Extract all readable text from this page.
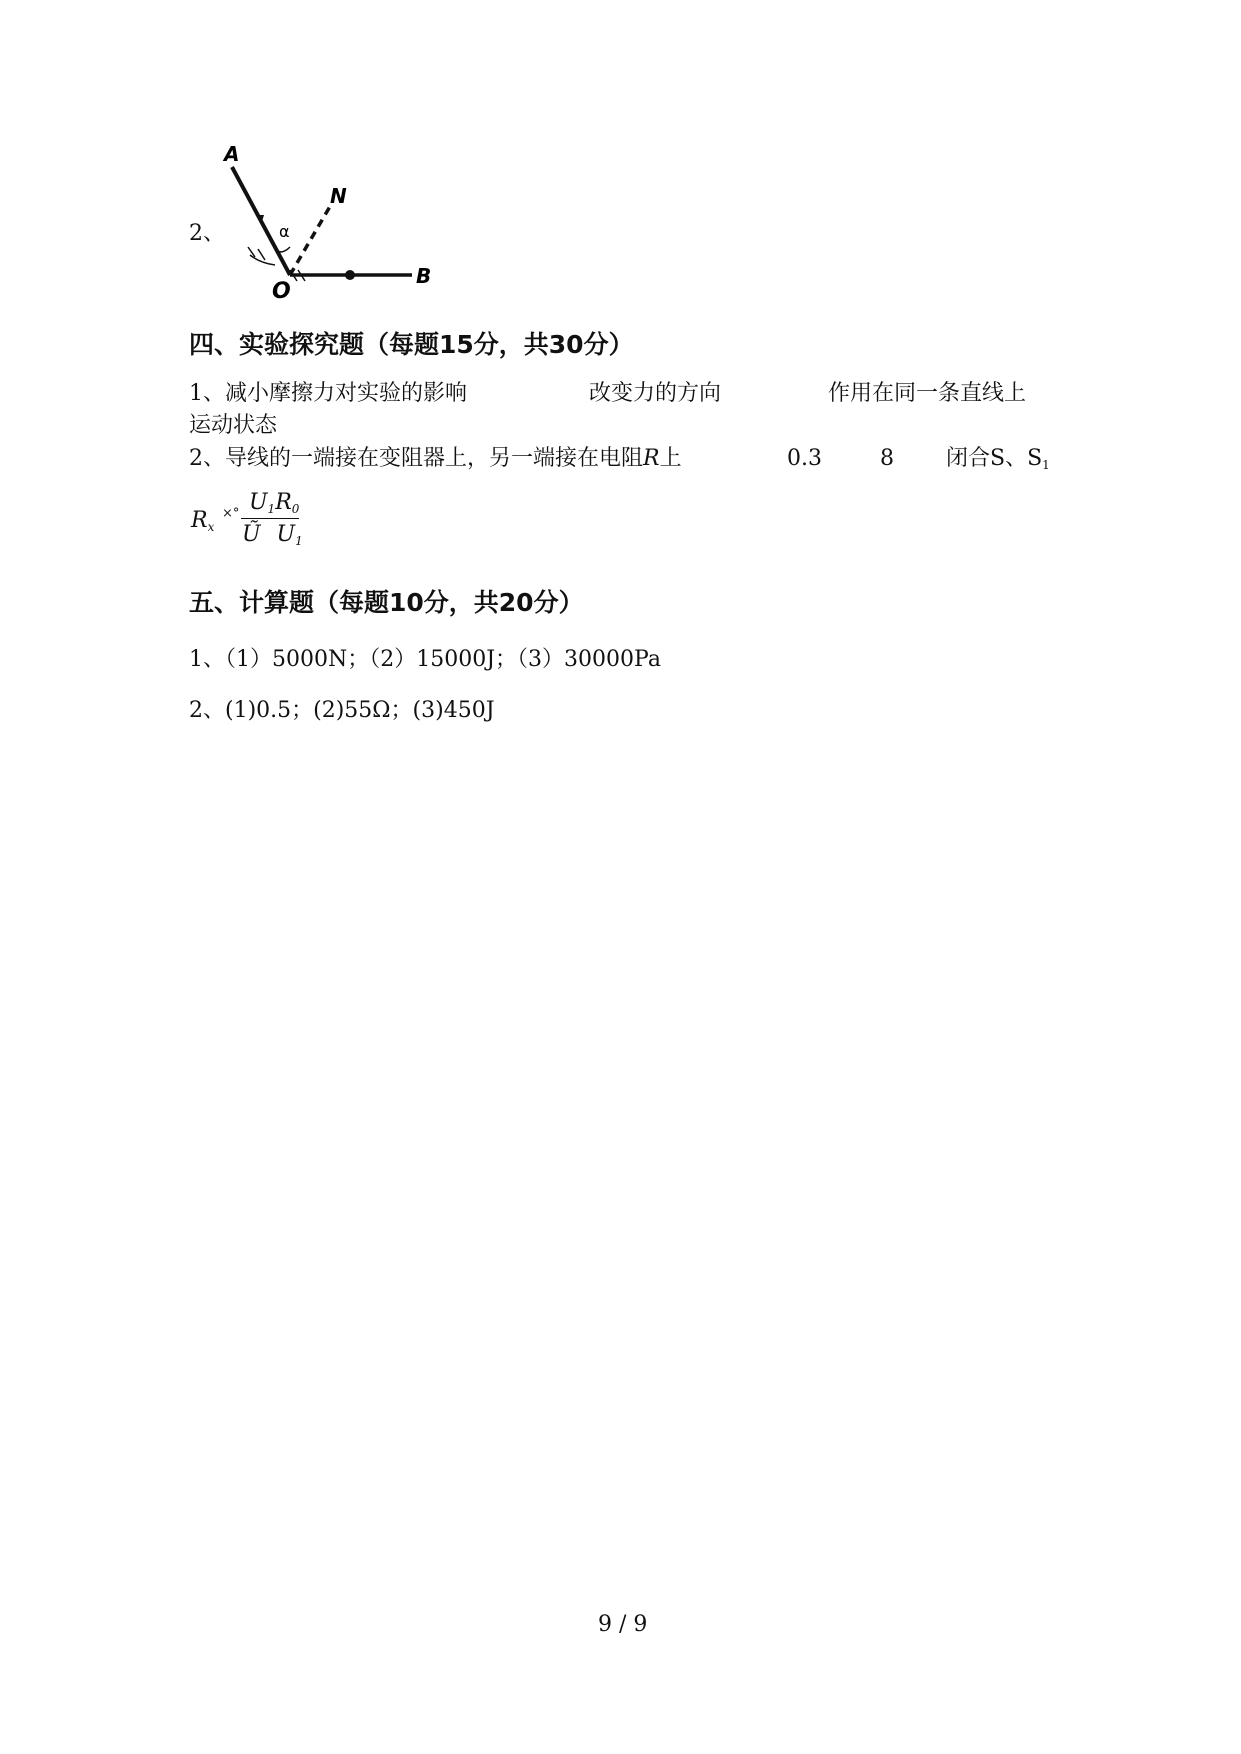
2、
A
N
O
B
α
四、实验探究题（每题15分，共30分）
1、 减小摩擦力对实验的影响	改变力的方向	作用在同一条直线上
运动状态
2、 导线的一端接在变阻器上，另一端接在电阻R上	0.3	8 闭合S、$S_1$
$R_x$
×° $U_1R_0$
Ũ $U_1$
五、计算题（每题10分，共20分）
1、（1）5000N；（2）15000J；（3）30000Pa
2、(1)0.5；(2)55Ω；(3)450J
9 / 9
